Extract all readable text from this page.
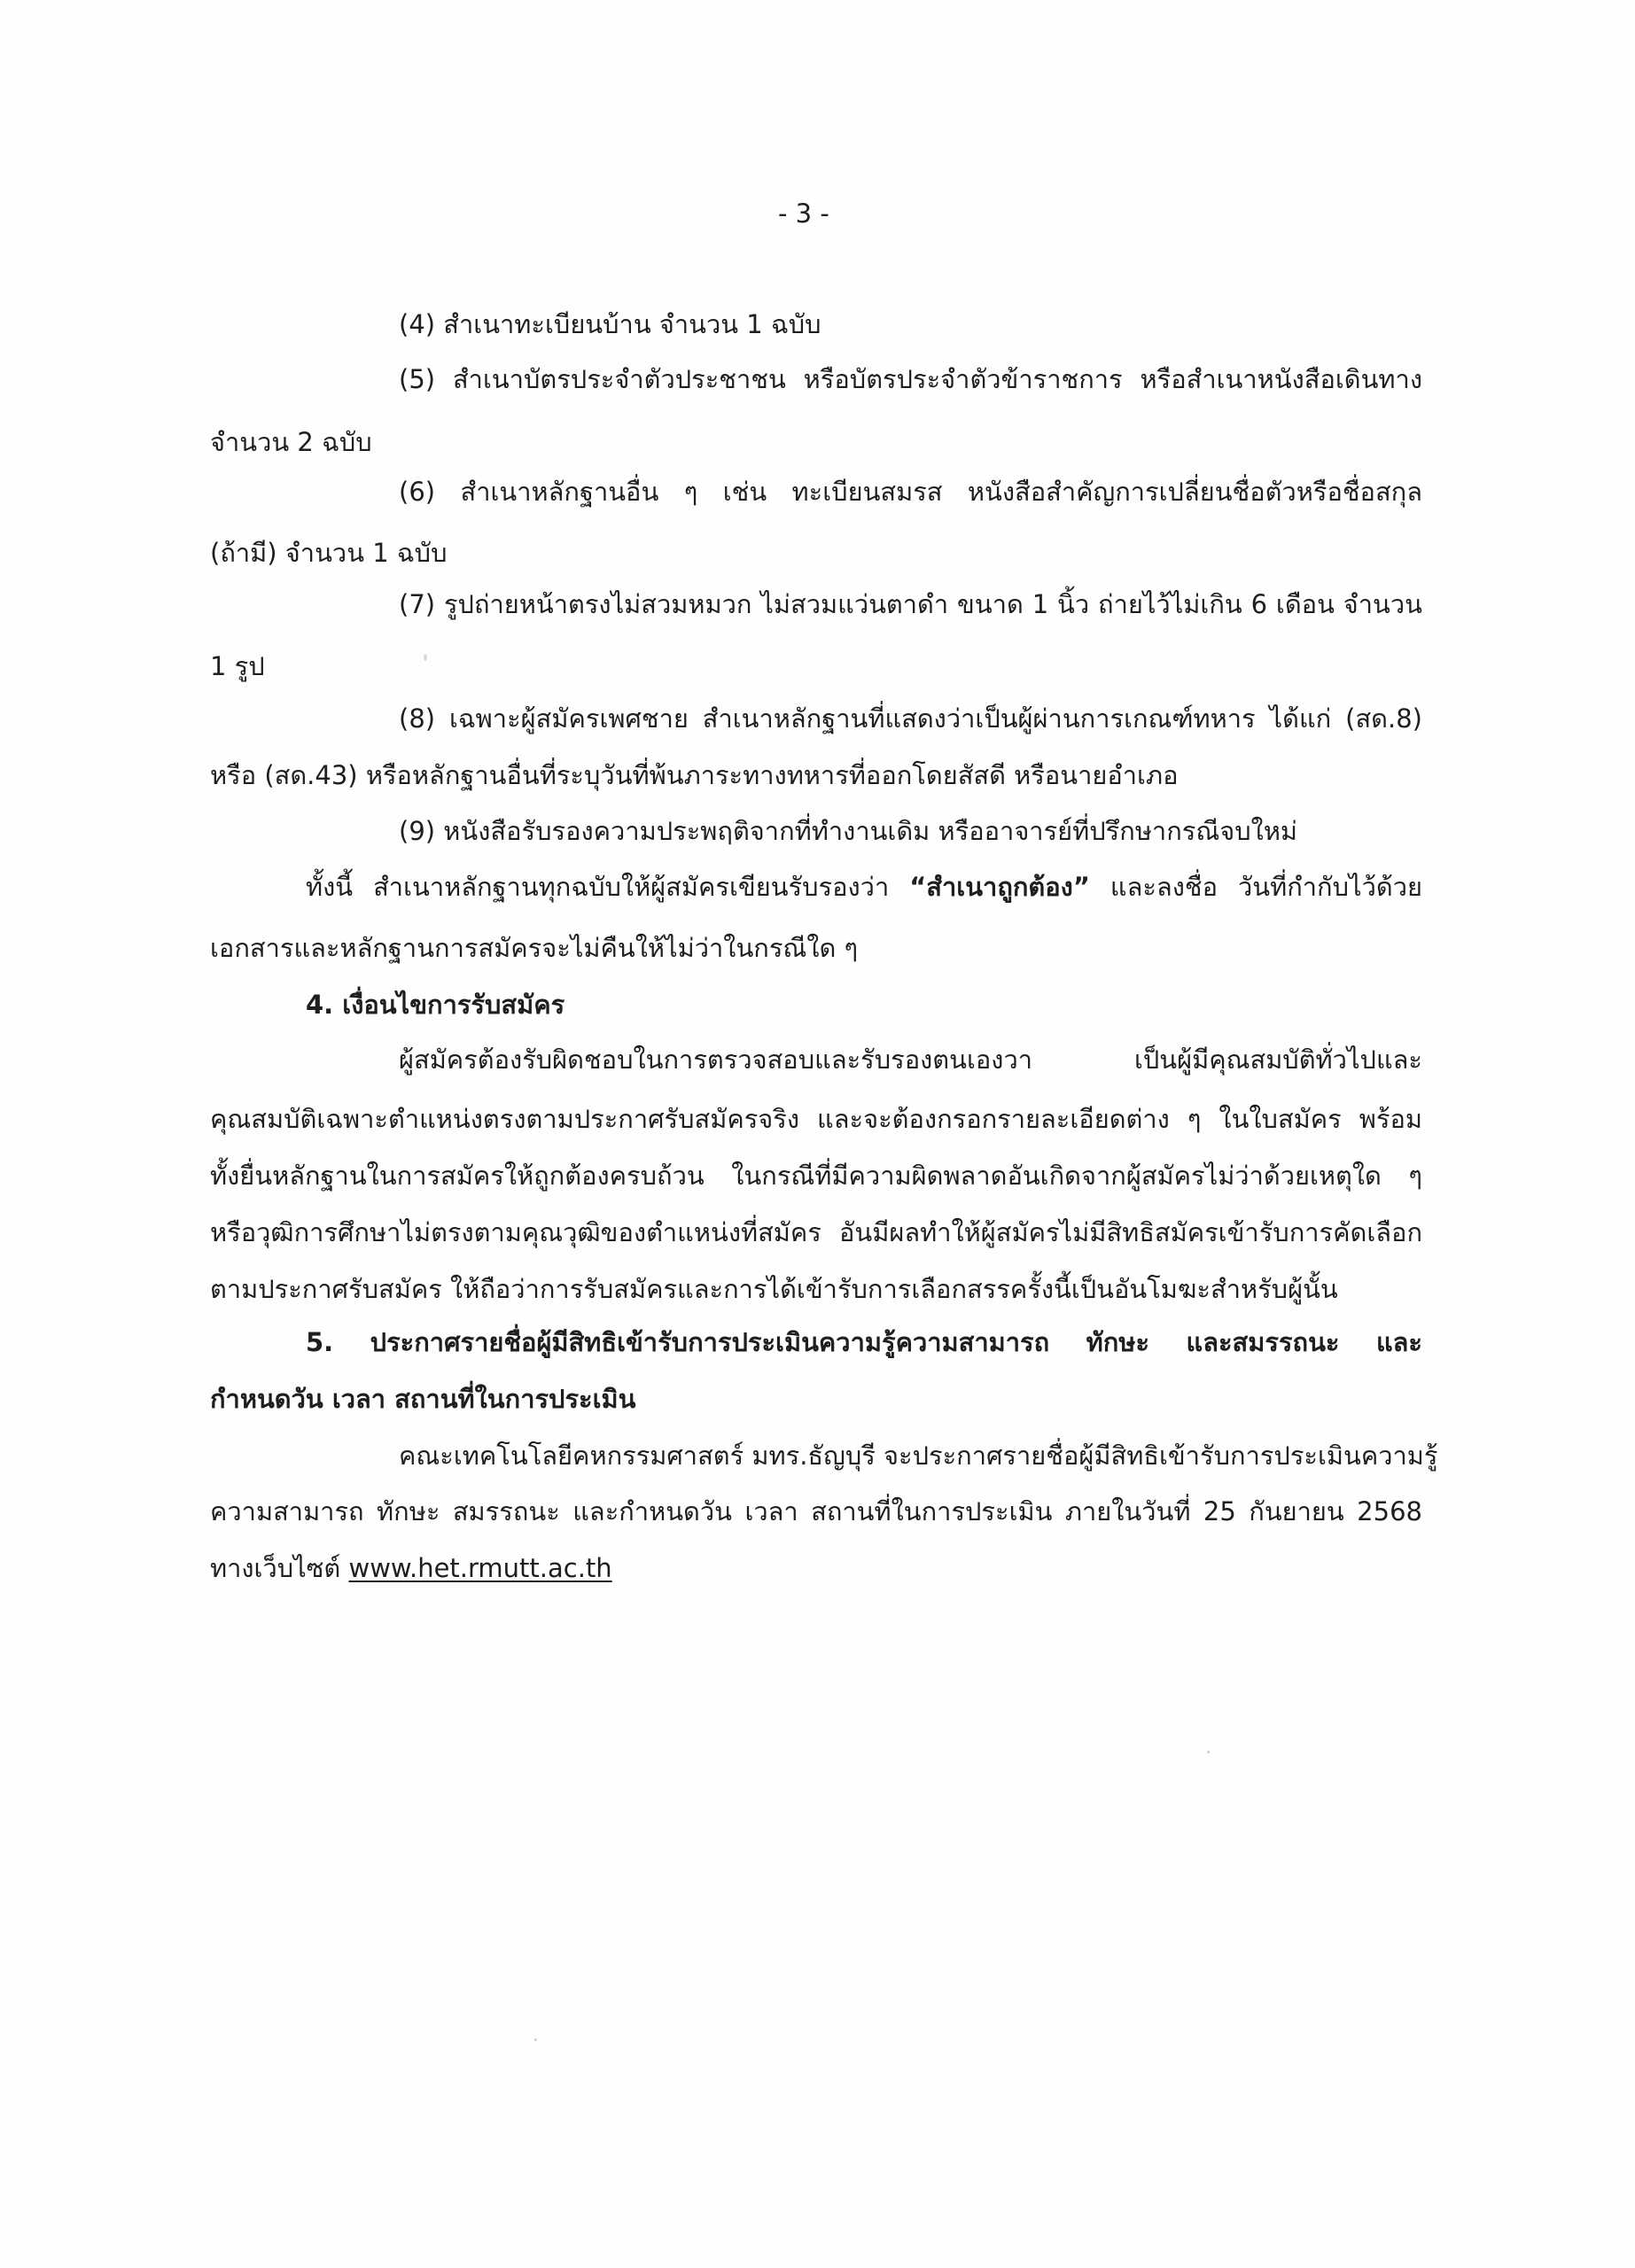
- 3 -

(4) สำเนาทะเบียนบ้าน จำนวน 1 ฉบับ

(5) สำเนาบัตรประจำตัวประชาชน หรือบัตรประจำตัวข้าราชการ หรือสำเนาหนังสือเดินทาง

จำนวน 2 ฉบับ

(6) สำเนาหลักฐานอื่น ๆ เช่น ทะเบียนสมรส หนังสือสำคัญการเปลี่ยนชื่อตัวหรือชื่อสกุล

(ถ้ามี) จำนวน 1 ฉบับ

(7) รูปถ่ายหน้าตรงไม่สวมหมวก ไม่สวมแว่นตาดำ ขนาด 1 นิ้ว ถ่ายไว้ไม่เกิน 6 เดือน จำนวน

1 รูป

(8) เฉพาะผู้สมัครเพศชาย สำเนาหลักฐานที่แสดงว่าเป็นผู้ผ่านการเกณฑ์ทหาร ได้แก่ (สด.8)

หรือ (สด.43) หรือหลักฐานอื่นที่ระบุวันที่พ้นภาระทางทหารที่ออกโดยสัสดี หรือนายอำเภอ

(9) หนังสือรับรองความประพฤติจากที่ทำงานเดิม หรืออาจารย์ที่ปรึกษากรณีจบใหม่

ทั้งนี้ สำเนาหลักฐานทุกฉบับให้ผู้สมัครเขียนรับรองว่า “สำเนาถูกต้อง” และลงชื่อ วันที่กำกับไว้ด้วย

เอกสารและหลักฐานการสมัครจะไม่คืนให้ไม่ว่าในกรณีใด ๆ

4. เงื่อนไขการรับสมัคร

ผู้สมัครต้องรับผิดชอบในการตรวจสอบและรับรองตนเองวา เป็นผู้มีคุณสมบัติทั่วไปและ

คุณสมบัติเฉพาะตำแหน่งตรงตามประกาศรับสมัครจริง และจะต้องกรอกรายละเอียดต่าง ๆ ในใบสมัคร พร้อม

ทั้งยื่นหลักฐานในการสมัครให้ถูกต้องครบถ้วน ในกรณีที่มีความผิดพลาดอันเกิดจากผู้สมัครไม่ว่าด้วยเหตุใด ๆ

หรือวุฒิการศึกษาไม่ตรงตามคุณวุฒิของตำแหน่งที่สมัคร อันมีผลทำให้ผู้สมัครไม่มีสิทธิสมัครเข้ารับการคัดเลือก

ตามประกาศรับสมัคร ให้ถือว่าการรับสมัครและการได้เข้ารับการเลือกสรรครั้งนี้เป็นอันโมฆะสำหรับผู้นั้น

5. ประกาศรายชื่อผู้มีสิทธิเข้ารับการประเมินความรู้ความสามารถ ทักษะ และสมรรถนะ และ

กำหนดวัน เวลา สถานที่ในการประเมิน

คณะเทคโนโลยีคหกรรมศาสตร์ มทร.ธัญบุรี จะประกาศรายชื่อผู้มีสิทธิเข้ารับการประเมินความรู้

ความสามารถ ทักษะ สมรรถนะ และกำหนดวัน เวลา สถานที่ในการประเมิน ภายในวันที่ 25 กันยายน 2568

ทางเว็บไซต์ www.het.rmutt.ac.th
